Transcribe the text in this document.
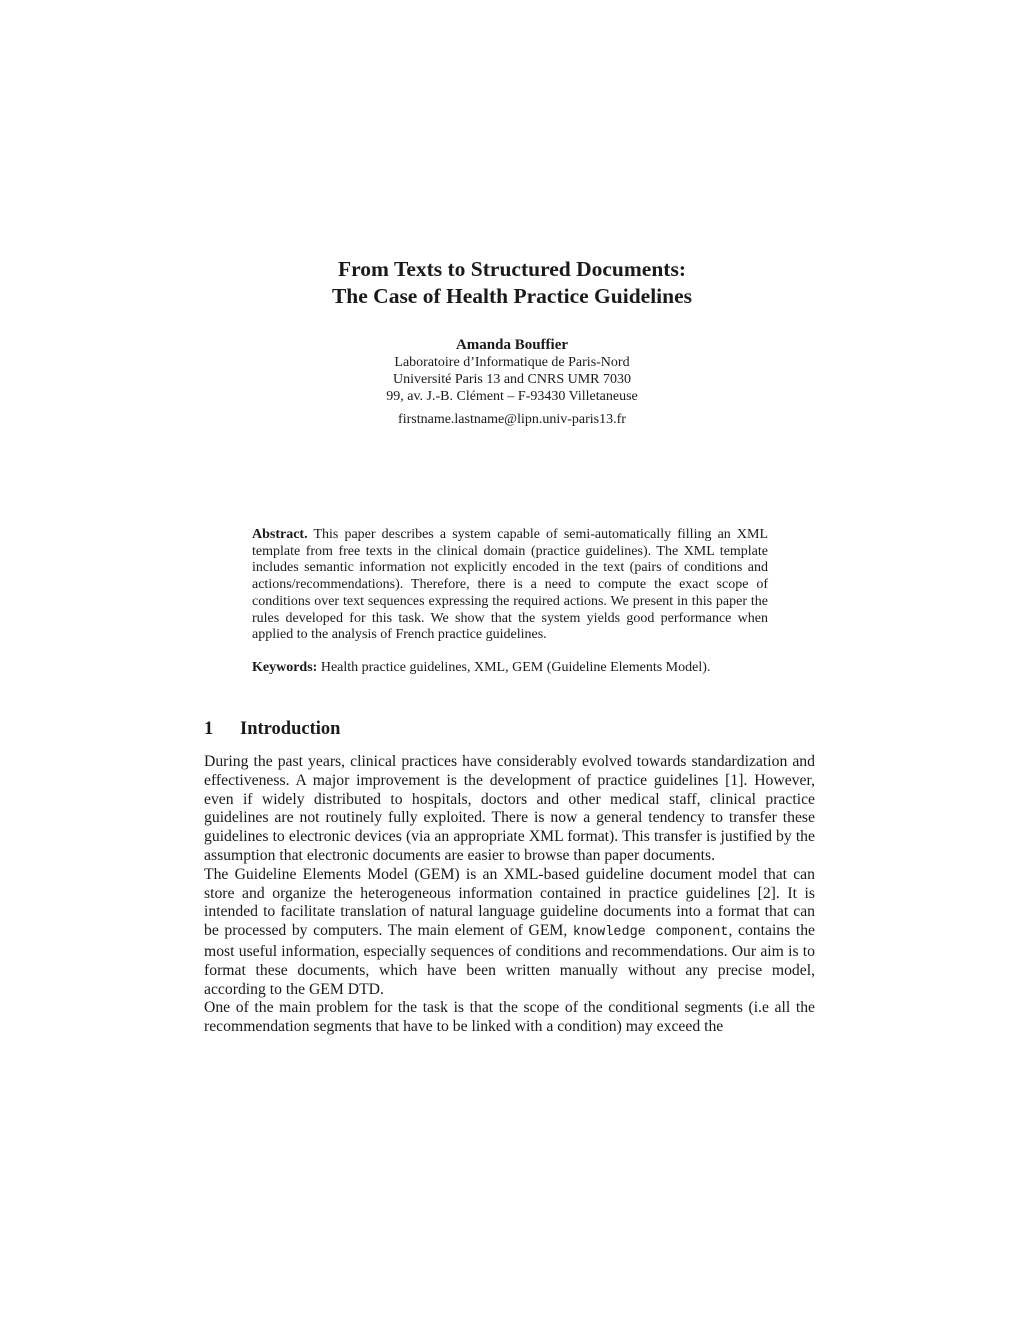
From Texts to Structured Documents:
The Case of Health Practice Guidelines
Amanda Bouffier
Laboratoire d’Informatique de Paris-Nord
Université Paris 13 and CNRS UMR 7030
99, av. J.-B. Clément – F-93430 Villetaneuse
firstname.lastname@lipn.univ-paris13.fr
Abstract. This paper describes a system capable of semi-automatically filling an XML template from free texts in the clinical domain (practice guidelines). The XML template includes semantic information not explicitly encoded in the text (pairs of conditions and actions/recommendations). Therefore, there is a need to compute the exact scope of conditions over text sequences expressing the required actions. We present in this paper the rules developed for this task. We show that the system yields good performance when applied to the analysis of French practice guidelines.
Keywords: Health practice guidelines, XML, GEM (Guideline Elements Model).
1 Introduction

During the past years, clinical practices have considerably evolved towards standardization and effectiveness. A major improvement is the development of practice guidelines [1]. However, even if widely distributed to hospitals, doctors and other medical staff, clinical practice guidelines are not routinely fully exploited. There is now a general tendency to transfer these guidelines to electronic devices (via an appropriate XML format). This transfer is justified by the assumption that electronic documents are easier to browse than paper documents.

The Guideline Elements Model (GEM) is an XML-based guideline document model that can store and organize the heterogeneous information contained in practice guidelines [2]. It is intended to facilitate translation of natural language guideline documents into a format that can be processed by computers. The main element of GEM, knowledge component, contains the most useful information, especially sequences of conditions and recommendations. Our aim is to format these documents, which have been written manually without any precise model, according to the GEM DTD.

One of the main problem for the task is that the scope of the conditional segments (i.e all the recommendation segments that have to be linked with a condition) may exceed the
